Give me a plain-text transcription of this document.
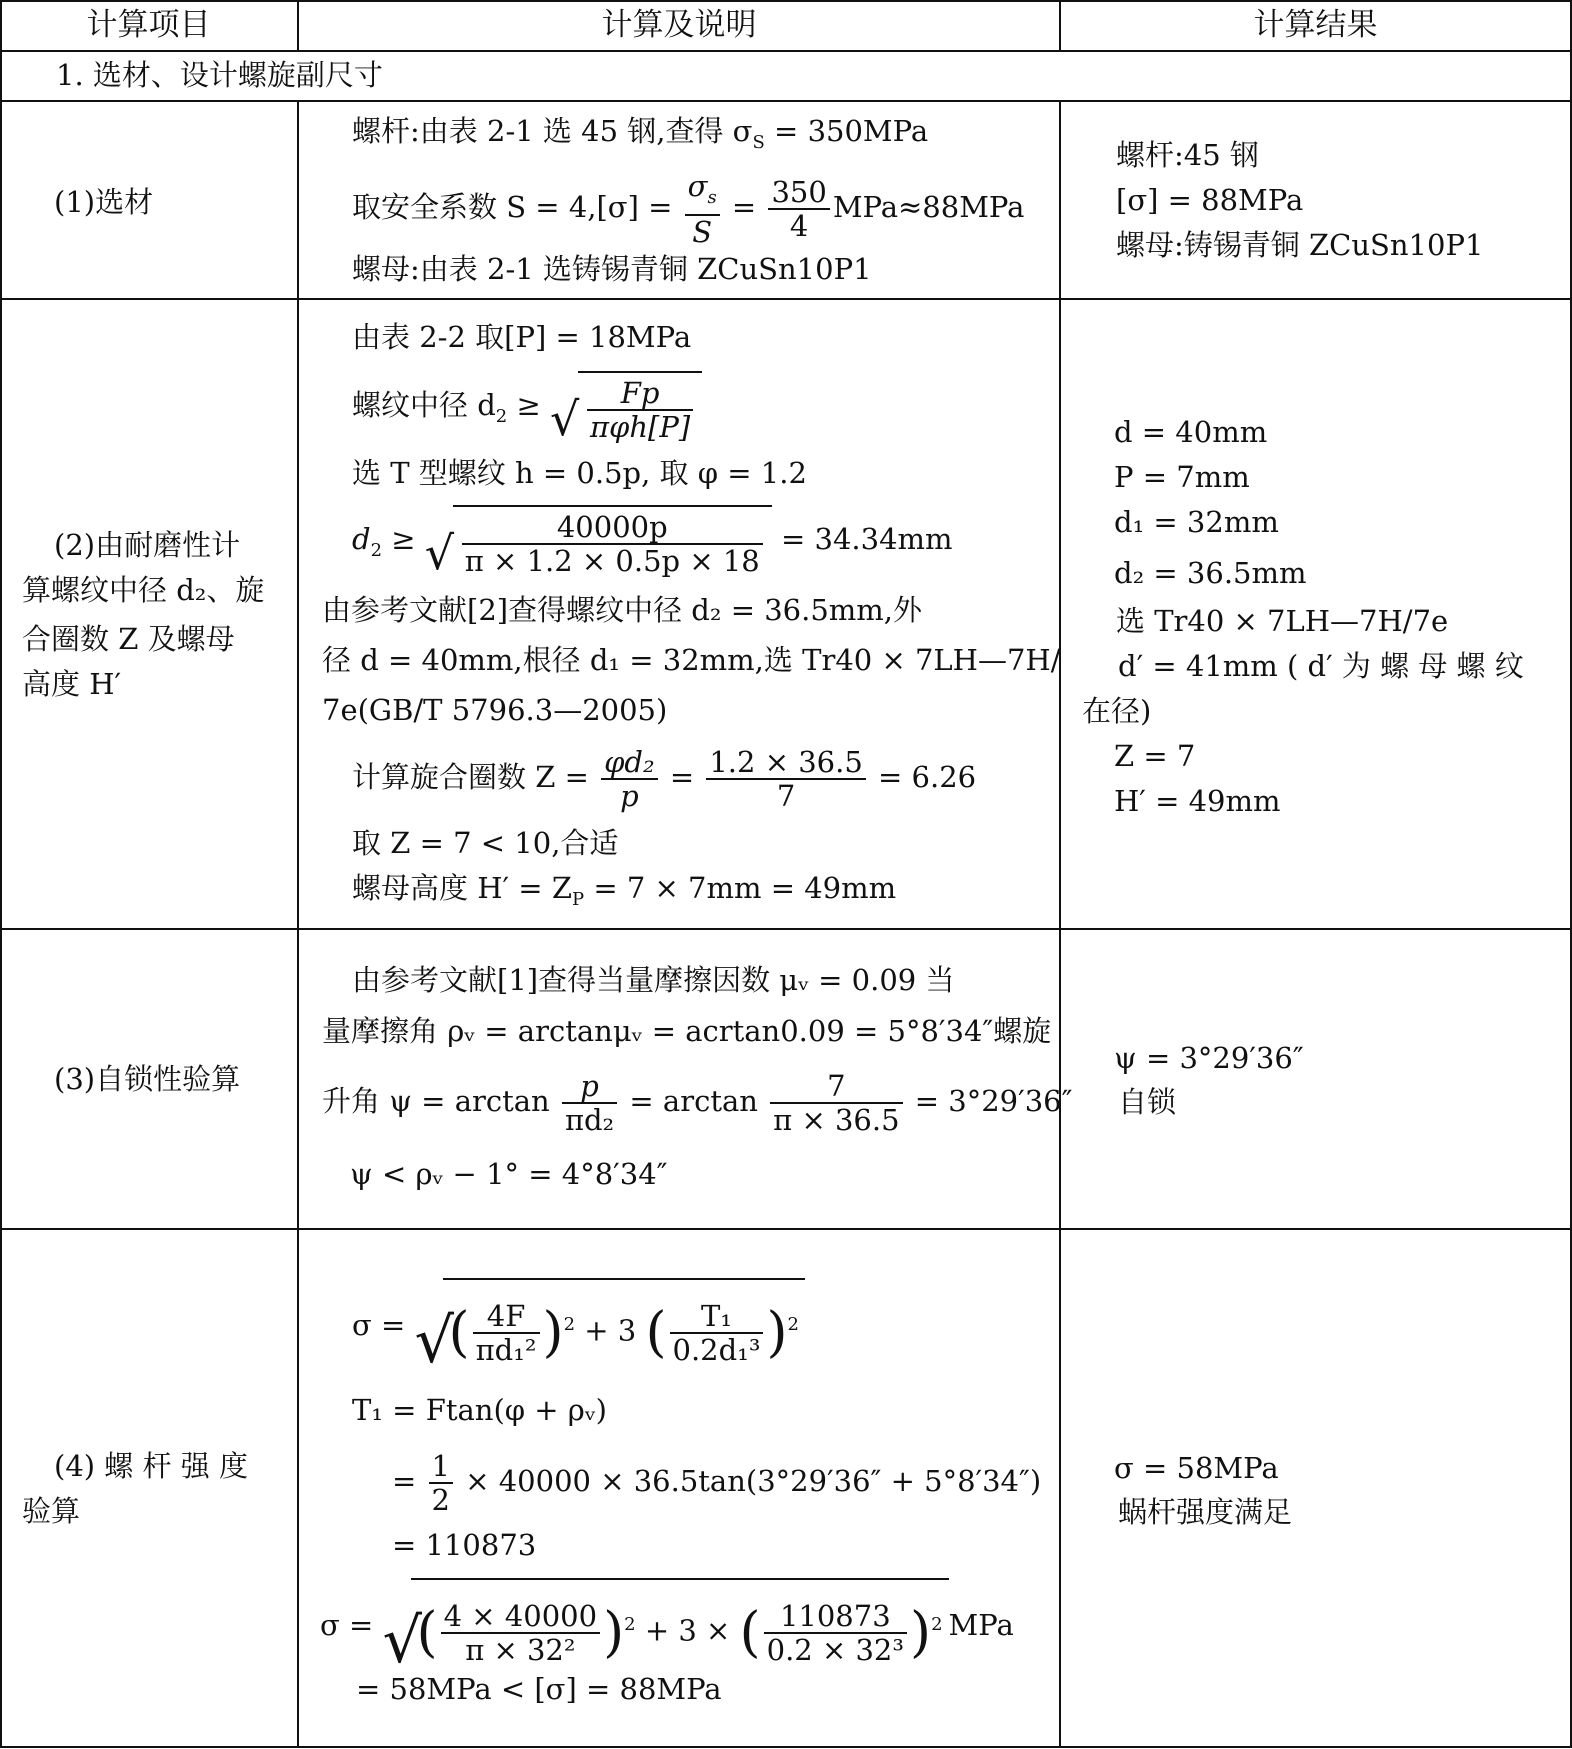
计算项目	计算及说明	计算结果
1. 选材、设计螺旋副尺寸
(1)选材
螺杆:由表 2-1 选 45 钢,查得 $\sigma_S = 350MPa$
取安全系数 $S = 4,[\sigma] = \frac{\sigma_s}{S} = \frac{350}{4} MPa\approx 88MPa$
螺母:由表 2-1 选铸锡青铜 ZCuSn10P1
螺杆:45 钢
[σ] = 88MPa
螺母:铸锡青铜 ZCuSn10P1
(2)由耐磨性计
算螺纹中径 d₂、旋
合圈数 Z 及螺母
高度 H′
由表 2-2 取[P] = 18MPa
螺纹中径 $d_2$ ≥ √ $\frac{Fp}{\text{πφh[P]}}$
选 T 型螺纹 h = 0.5p, 取 φ = 1.2
$d_2$ ≥ √ $\frac{40000p}{\pi \times 1.2 \times 0.5p \times 18} = 34.34mm$
由参考文献[2]查得螺纹中径 d₂ = 36.5mm,外
径 d = 40mm,根径 d₁ = 32mm,选 Tr40 × 7LH—7H/
7e(GB/T 5796.3—2005)
计算旋合圈数 $Z = \frac{\text{φd₂}}{p} = \frac{1.2 \times 36.5}{7} = 6.26$
取 Z = 7 < 10,合适
螺母高度 $H' = Z_P = 7 \times 7mm = 49mm$
d = 40mm
P = 7mm
d₁ = 32mm
d₂ = 36.5mm
选 Tr40 × 7LH—7H/7e
d′ = 41mm ( d′ 为 螺 母 螺 纹
在径)
Z = 7
H′ = 49mm
(3)自锁性验算
由参考文献[1]查得当量摩擦因数 μᵥ = 0.09 当
量摩擦角 ρᵥ = arctanμᵥ = acrtan0.09 = 5°8′34″螺旋
升角 $\psi = \arctan \frac{p}{\text{πd₂}} = \arctan \frac{7}{\pi \times 36.5} = 3^\circ 29'36''$
ψ < ρᵥ − 1° = 4°8′34″
ψ = 3°29′36″
自锁
(4) 螺 杆 强 度
验算
σ = √
( $\frac{4F}{\text{πd₁²}} )^2 + 3$ ( $\frac{\text{T₁}}{\text{0.2d₁³}} )^2$
T₁ = Ftan(φ + ρᵥ)
= $\frac{1}{2} \times 40000 \times 36.5\tan(3^\circ 29'36'' + 5^\circ 8'34'')$
= 110873
σ = √
( $\frac{4 \times 40000}{\text{π × 32²}} )^2 + 3$ × ( $\frac{110873}{\text{0.2 × 32³}} )^2$ MPa
= 58MPa < [σ] = 88MPa
σ = 58MPa
蜗杆强度满足
